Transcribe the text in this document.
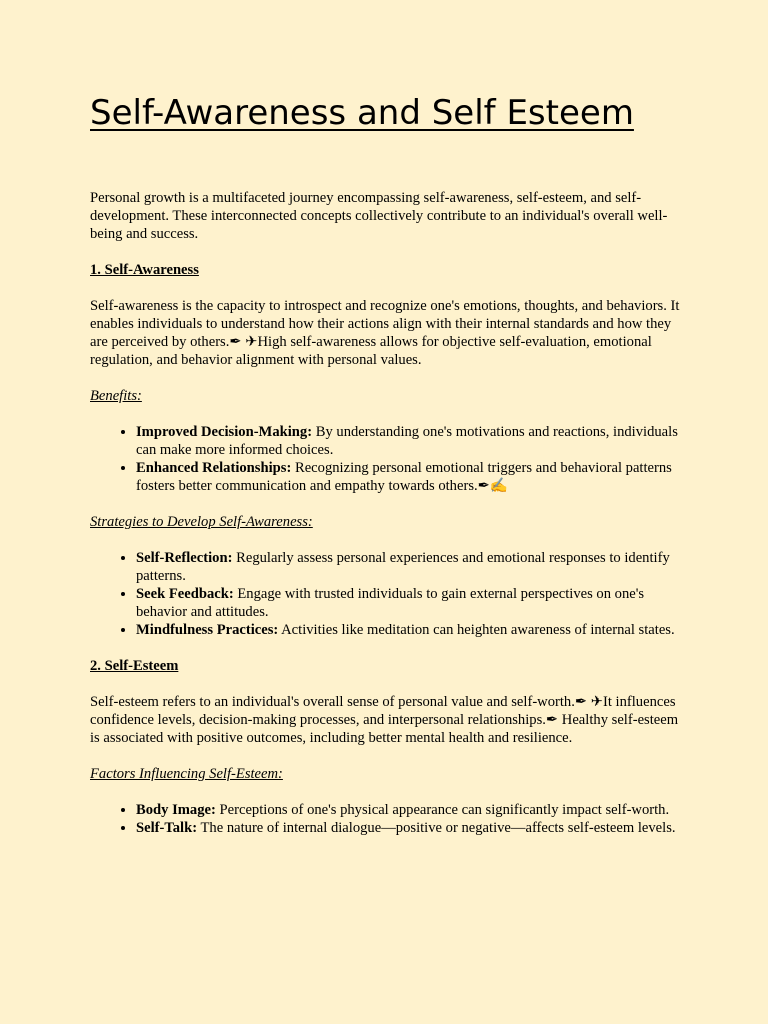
Self-Awareness and Self Esteem

Personal growth is a multifaceted journey encompassing self-awareness, self-esteem, and self-development. These interconnected concepts collectively contribute to an individual's overall well-being and success.

1. Self-Awareness

Self-awareness is the capacity to introspect and recognize one's emotions, thoughts, and behaviors. It enables individuals to understand how their actions align with their internal standards and how they are perceived by others.✒ ✈High self-awareness allows for objective self-evaluation, emotional regulation, and behavior alignment with personal values.

Benefits:

• Improved Decision-Making: By understanding one's motivations and reactions, individuals can make more informed choices.
• Enhanced Relationships: Recognizing personal emotional triggers and behavioral patterns fosters better communication and empathy towards others.✒✍

Strategies to Develop Self-Awareness:

• Self-Reflection: Regularly assess personal experiences and emotional responses to identify patterns.
• Seek Feedback: Engage with trusted individuals to gain external perspectives on one's behavior and attitudes.
• Mindfulness Practices: Activities like meditation can heighten awareness of internal states.

2. Self-Esteem

Self-esteem refers to an individual's overall sense of personal value and self-worth.✒ ✈It influences confidence levels, decision-making processes, and interpersonal relationships.✒ Healthy self-esteem is associated with positive outcomes, including better mental health and resilience.

Factors Influencing Self-Esteem:

• Body Image: Perceptions of one's physical appearance can significantly impact self-worth.
• Self-Talk: The nature of internal dialogue—positive or negative—affects self-esteem levels.
